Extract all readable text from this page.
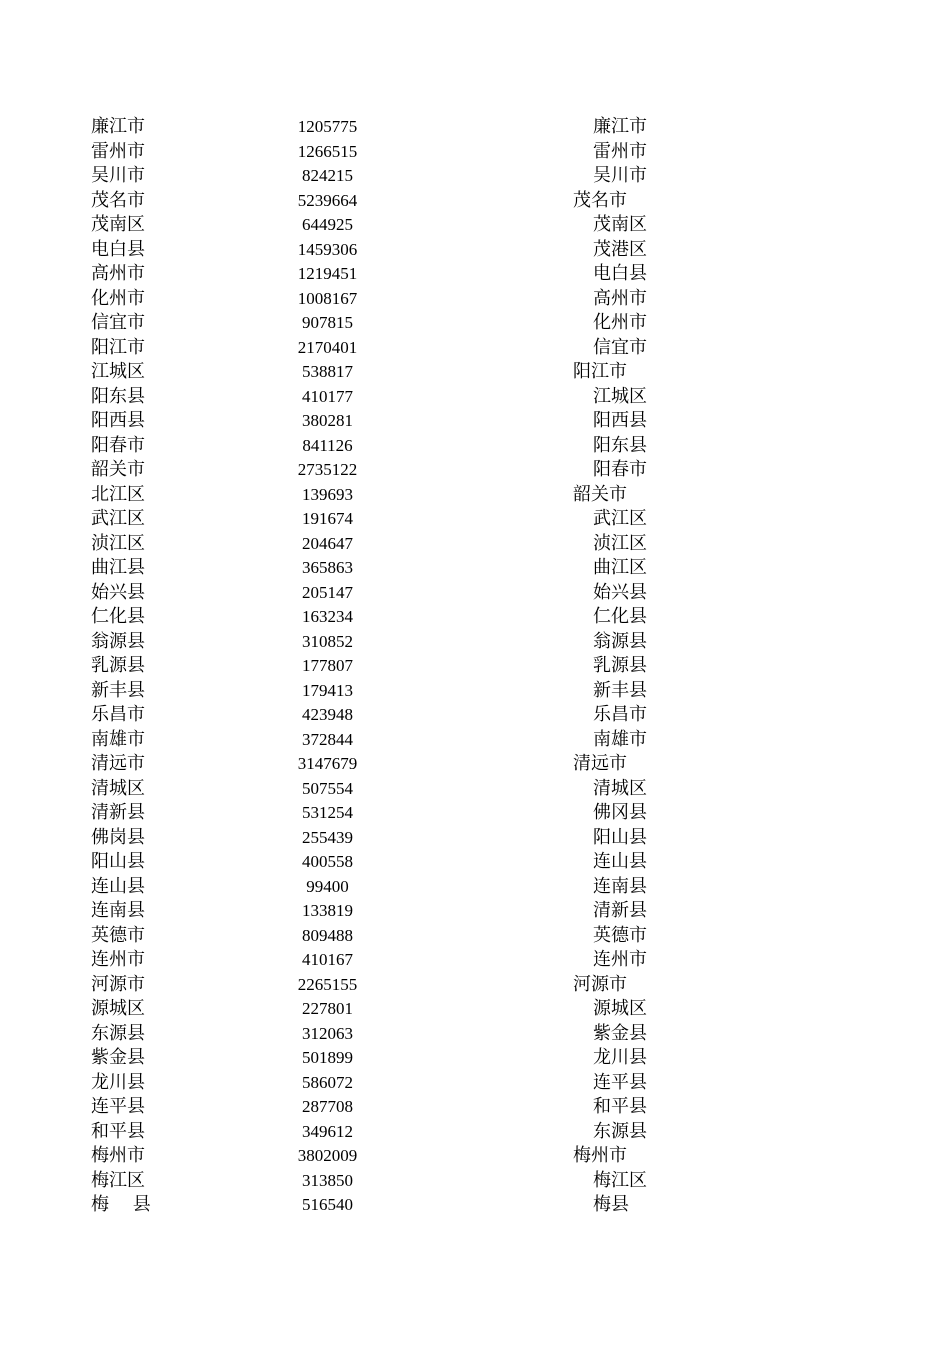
廉江市	1205775	廉江市
雷州市	1266515	雷州市
吴川市	824215	吴川市
茂名市	5239664	茂名市
茂南区	644925	茂南区
电白县	1459306	茂港区
高州市	1219451	电白县
化州市	1008167	高州市
信宜市	907815	化州市
阳江市	2170401	信宜市
江城区	538817	阳江市
阳东县	410177	江城区
阳西县	380281	阳西县
阳春市	841126	阳东县
韶关市	2735122	阳春市
北江区	139693	韶关市
武江区	191674	武江区
浈江区	204647	浈江区
曲江县	365863	曲江区
始兴县	205147	始兴县
仁化县	163234	仁化县
翁源县	310852	翁源县
乳源县	177807	乳源县
新丰县	179413	新丰县
乐昌市	423948	乐昌市
南雄市	372844	南雄市
清远市	3147679	清远市
清城区	507554	清城区
清新县	531254	佛冈县
佛岗县	255439	阳山县
阳山县	400558	连山县
连山县	99400	连南县
连南县	133819	清新县
英德市	809488	英德市
连州市	410167	连州市
河源市	2265155	河源市
源城区	227801	源城区
东源县	312063	紫金县
紫金县	501899	龙川县
龙川县	586072	连平县
连平县	287708	和平县
和平县	349612	东源县
梅州市	3802009	梅州市
梅江区	313850	梅江区
梅　 县	516540	梅县
